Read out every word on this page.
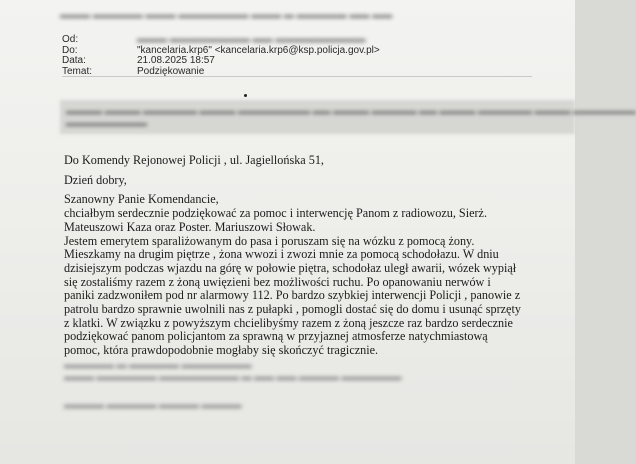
▬▬▬ ▬▬▬▬▬ ▬▬▬ ▬▬▬▬▬▬▬ ▬▬▬ ▬ ▬▬▬▬▬ ▬▬ ▬▬
Od:	▬▬▬ ▬▬▬▬▬▬▬▬ ▬▬ ▬▬▬▬▬▬▬▬▬
Do:	"kancelaria.krp6" <kancelaria.krp6@ksp.policja.gov.pl>
Data:	21.08.2025 18:57
Temat:	Podziękowanie
▬▬▬▬ ▬▬▬▬ ▬▬▬▬▬▬ ▬▬▬▬ ▬▬▬▬▬▬▬▬ ▬▬ ▬▬▬▬ ▬▬▬▬▬ ▬▬ ▬▬▬▬ ▬▬▬▬▬▬ ▬▬▬▬ ▬▬▬▬▬▬▬
▬▬▬▬▬▬▬▬▬

Do Komendy Rejonowej Policji , ul. Jagiellońska 51,

Dzień dobry,

Szanowny Panie Komendancie,

chciałbym serdecznie podziękować za pomoc i interwencję Panom z radiowozu, Sierż.

Mateuszowi Kaza oraz Poster. Mariuszowi Słowak.

Jestem emerytem sparaliżowanym do pasa i poruszam się na wózku z pomocą żony.

Mieszkamy na drugim piętrze , żona wwozi i zwozi mnie za pomocą schodołazu. W dniu

dzisiejszym podczas wjazdu na górę w połowie piętra, schodołaz uległ awarii, wózek wypiął

się zostaliśmy razem z żoną uwięzieni bez możliwości ruchu. Po opanowaniu nerwów i

paniki zadzwoniłem pod nr alarmowy 112. Po bardzo szybkiej interwencji Policji , panowie z

patrolu bardzo sprawnie uwolnili nas z pułapki , pomogli dostać się do domu i usunąć sprzęty

z klatki. W związku z powyższym chcielibyśmy razem z żoną jeszcze raz bardzo serdecznie

podziękować panom policjantom za sprawną w przyjaznej atmosferze natychmiastową

pomoc, która prawdopodobnie mogłaby się skończyć tragicznie.

▬▬▬▬▬ ▬ ▬▬▬▬▬ ▬▬▬▬▬▬▬
▬▬▬ ▬▬▬▬▬▬ ▬▬▬▬▬▬▬▬ ▬ ▬▬ ▬▬ ▬▬▬▬ ▬▬▬▬▬▬
▬▬▬▬ ▬▬▬▬▬ ▬▬▬▬ ▬▬▬▬
